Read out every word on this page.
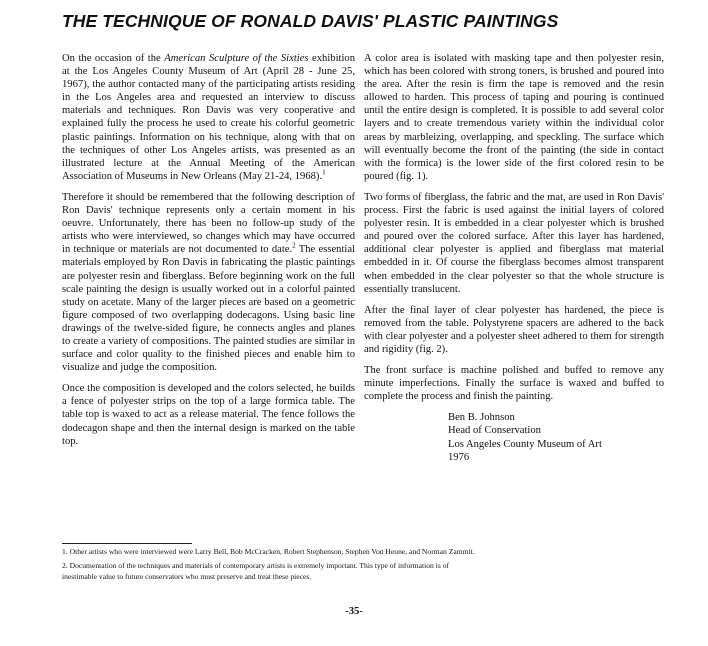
THE TECHNIQUE OF RONALD DAVIS' PLASTIC PAINTINGS

On the occasion of the American Sculpture of the Sixties exhibition at the Los Angeles County Museum of Art (April 28 - June 25, 1967), the author contacted many of the participating artists residing in the Los Angeles area and requested an interview to discuss materials and techniques. Ron Davis was very cooperative and explained fully the process he used to create his colorful geometric plastic paintings. Information on his technique, along with that on the techniques of other Los Angeles artists, was presented as an illustrated lecture at the Annual Meeting of the American Association of Museums in New Orleans (May 21-24, 1968).$^1$

Therefore it should be remembered that the following description of Ron Davis' technique represents only a certain moment in his oeuvre. Unfortunately, there has been no follow-up study of the artists who were interviewed, so changes which may have occurred in technique or materials are not documented to date.$^2$ The essential materials employed by Ron Davis in fabricating the plastic paintings are polyester resin and fiberglass. Before beginning work on the full scale painting the design is usually worked out in a colorful painted study on acetate. Many of the larger pieces are based on a geometric figure composed of two overlapping dodecagons. Using basic line drawings of the twelve-sided figure, he connects angles and planes to create a variety of compositions. The painted studies are similar in surface and color quality to the finished pieces and enable him to visualize and judge the composition.

Once the composition is developed and the colors selected, he builds a fence of polyester strips on the top of a large formica table. The table top is waxed to act as a release material. The fence follows the dodecagon shape and then the internal design is marked on the table top.

A color area is isolated with masking tape and then polyester resin, which has been colored with strong toners, is brushed and poured into the area. After the resin is firm the tape is removed and the resin allowed to harden. This process of taping and pouring is continued until the entire design is completed. It is possible to add several color layers and to create tremendous variety within the individual color areas by marbleizing, overlapping, and speckling. The surface which will eventually become the front of the painting (the side in contact with the formica) is the lower side of the first colored resin to be poured (fig. 1).

Two forms of fiberglass, the fabric and the mat, are used in Ron Davis' process. First the fabric is used against the initial layers of colored polyester resin. It is embedded in a clear polyester which is brushed and poured over the colored surface. After this layer has hardened, additional clear polyester is applied and fiberglass mat material embedded in it. Of course the fiberglass becomes almost transparent when embedded in the clear polyester so that the whole structure is essentially translucent.

After the final layer of clear polyester has hardened, the piece is removed from the table. Polystyrene spacers are adhered to the back with clear polyester and a polyester sheet adhered to them for strength and rigidity (fig. 2).

The front surface is machine polished and buffed to remove any minute imperfections. Finally the surface is waxed and buffed to complete the process and finish the painting.

Ben B. Johnson
Head of Conservation
Los Angeles County Museum of Art
1976

1. Other artists who were interviewed were Larry Bell, Bob McCracken, Robert Stephenson, Stephen Von Heune, and Norman Zammit.

2. Documentation of the techniques and materials of contemporary artists is extremely important. This type of information is of inestimable value to future conservators who must preserve and treat these pieces.

-35-
